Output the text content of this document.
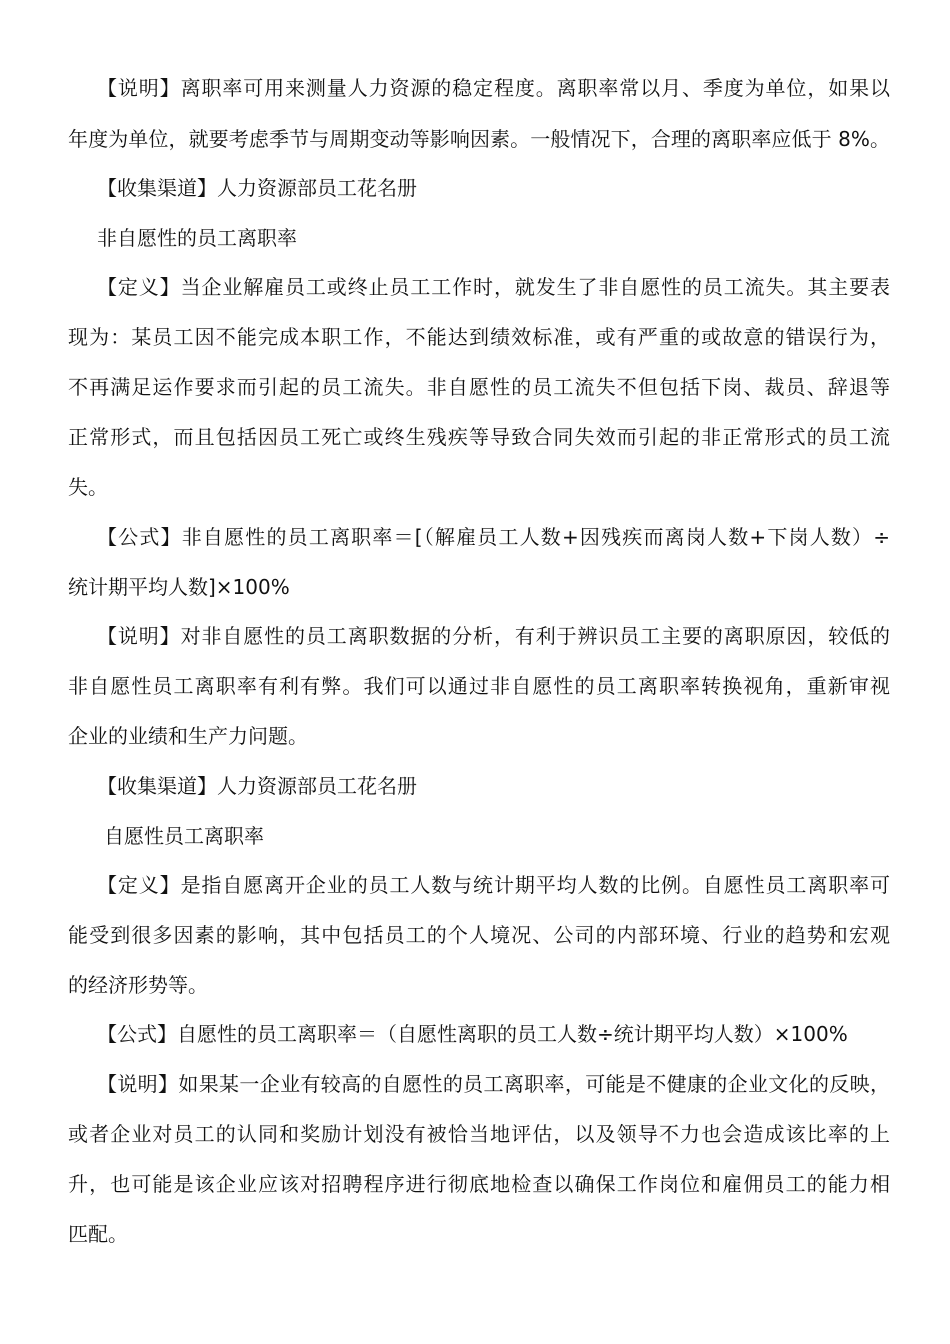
【说明】离职率可用来测量人力资源的稳定程度。离职率常以月、季度为单位，如果以
年度为单位，就要考虑季节与周期变动等影响因素。一般情况下，合理的离职率应低于 8%。
【收集渠道】人力资源部员工花名册
非自愿性的员工离职率
【定义】当企业解雇员工或终止员工工作时，就发生了非自愿性的员工流失。其主要表
现为：某员工因不能完成本职工作，不能达到绩效标准，或有严重的或故意的错误行为，
不再满足运作要求而引起的员工流失。非自愿性的员工流失不但包括下岗、裁员、辞退等
正常形式，而且包括因员工死亡或终生残疾等导致合同失效而引起的非正常形式的员工流
失。
【公式】非自愿性的员工离职率＝[（解雇员工人数+因残疾而离岗人数+下岗人数）÷
统计期平均人数]×100%
【说明】对非自愿性的员工离职数据的分析，有利于辨识员工主要的离职原因，较低的
非自愿性员工离职率有利有弊。我们可以通过非自愿性的员工离职率转换视角，重新审视
企业的业绩和生产力问题。
【收集渠道】人力资源部员工花名册
自愿性员工离职率
【定义】是指自愿离开企业的员工人数与统计期平均人数的比例。自愿性员工离职率可
能受到很多因素的影响，其中包括员工的个人境况、公司的内部环境、行业的趋势和宏观
的经济形势等。
【公式】自愿性的员工离职率＝（自愿性离职的员工人数÷统计期平均人数）×100%
【说明】如果某一企业有较高的自愿性的员工离职率，可能是不健康的企业文化的反映，
或者企业对员工的认同和奖励计划没有被恰当地评估，以及领导不力也会造成该比率的上
升，也可能是该企业应该对招聘程序进行彻底地检查以确保工作岗位和雇佣员工的能力相
匹配。
